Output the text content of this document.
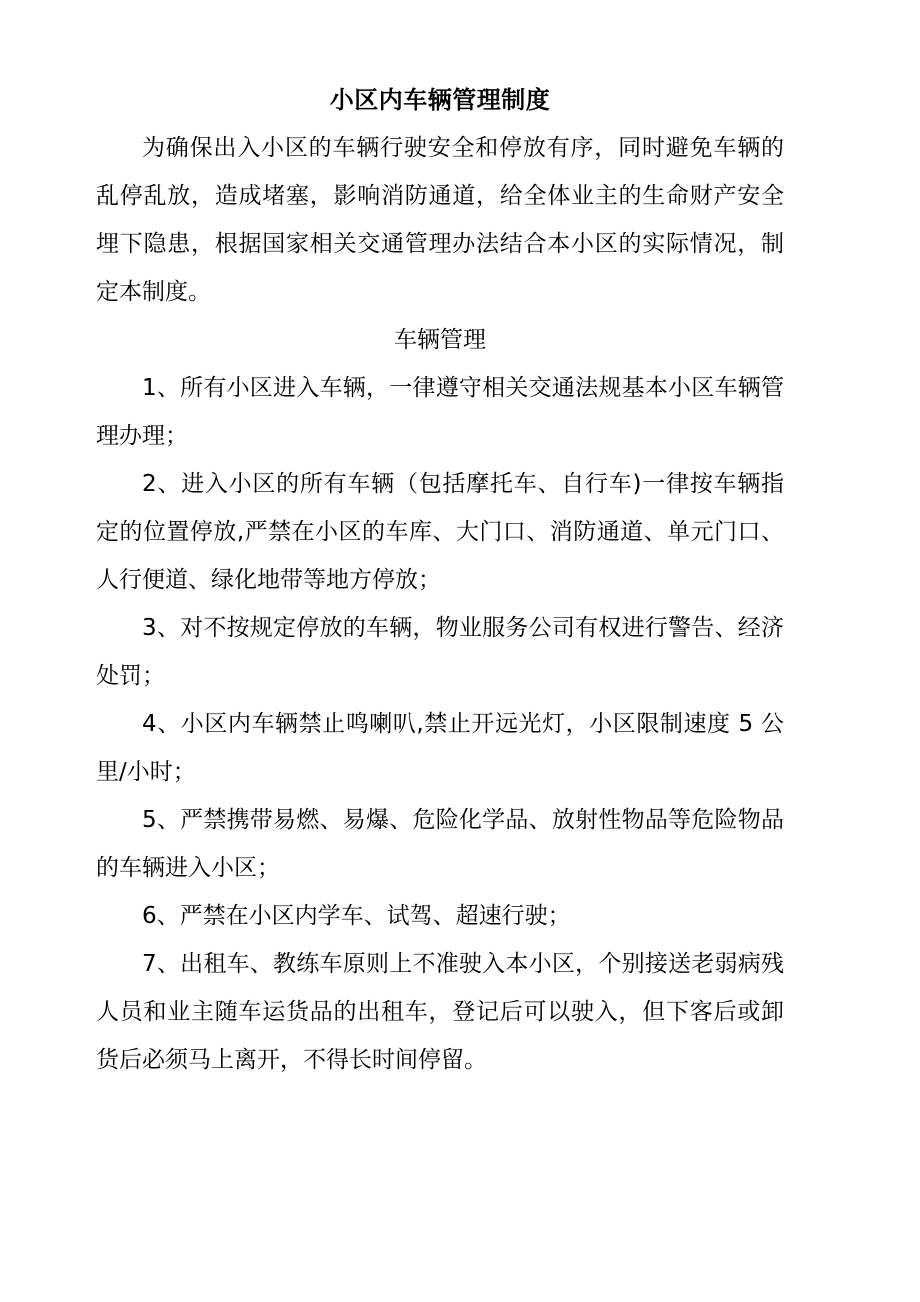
小区内车辆管理制度

为确保出入小区的车辆行驶安全和停放有序，同时避免车辆的乱停乱放，造成堵塞，影响消防通道，给全体业主的生命财产安全埋下隐患，根据国家相关交通管理办法结合本小区的实际情况，制定本制度。

车辆管理

1、所有小区进入车辆，一律遵守相关交通法规基本小区车辆管理办理；

2、进入小区的所有车辆（包括摩托车、自行车)一律按车辆指定的位置停放,严禁在小区的车库、大门口、消防通道、单元门口、人行便道、绿化地带等地方停放；

3、对不按规定停放的车辆，物业服务公司有权进行警告、经济处罚；

4、小区内车辆禁止鸣喇叭,禁止开远光灯，小区限制速度 5 公里/小时；

5、严禁携带易燃、易爆、危险化学品、放射性物品等危险物品的车辆进入小区；

6、严禁在小区内学车、试驾、超速行驶；

7、出租车、教练车原则上不准驶入本小区，个别接送老弱病残人员和业主随车运货品的出租车，登记后可以驶入，但下客后或卸货后必须马上离开，不得长时间停留。
